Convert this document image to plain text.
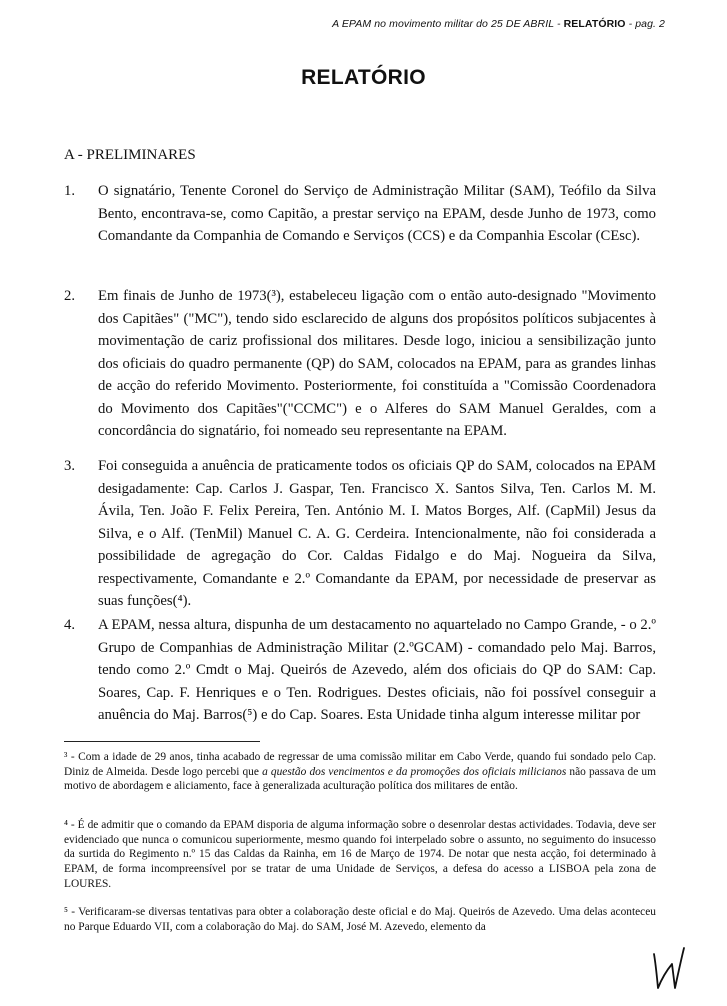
A EPAM no movimento militar do 25 DE ABRIL - RELATÓRIO - pag. 2
RELATÓRIO
A - PRELIMINARES
1.	O signatário, Tenente Coronel do Serviço de Administração Militar (SAM), Teófilo da Silva Bento, encontrava-se, como Capitão, a prestar serviço na EPAM, desde Junho de 1973, como Comandante da Companhia de Comando e Serviços (CCS) e da Companhia Escolar (CEsc).
2.	Em finais de Junho de 1973(³), estabeleceu ligação com o então auto-designado "Movimento dos Capitães" ("MC"), tendo sido esclarecido de alguns dos propósitos políticos subjacentes à movimentação de cariz profissional dos militares. Desde logo, iniciou a sensibilização junto dos oficiais do quadro permanente (QP) do SAM, colocados na EPAM, para as grandes linhas de acção do referido Movimento. Posteriormente, foi constituída a "Comissão Coordenadora do Movimento dos Capitães"("CCMC") e o Alferes do SAM Manuel Geraldes, com a concordância do signatário, foi nomeado seu representante na EPAM.
3.	Foi conseguida a anuência de praticamente todos os oficiais QP do SAM, colocados na EPAM desigadamente: Cap. Carlos J. Gaspar, Ten. Francisco X. Santos Silva, Ten. Carlos M. M. Ávila, Ten. João F. Felix Pereira, Ten. António M. I. Matos Borges, Alf. (CapMil) Jesus da Silva, e o Alf. (TenMil) Manuel C. A. G. Cerdeira. Intencionalmente, não foi considerada a possibilidade de agregação do Cor. Caldas Fidalgo e do Maj. Nogueira da Silva, respectivamente, Comandante e 2.º Comandante da EPAM, por necessidade de preservar as suas funções(⁴).
4.	A EPAM, nessa altura, dispunha de um destacamento no aquartelado no Campo Grande, - o 2.º Grupo de Companhias de Administração Militar (2.ºGCAM) - comandado pelo Maj. Barros, tendo como 2.º Cmdt o Maj. Queirós de Azevedo, além dos oficiais do QP do SAM: Cap. Soares, Cap. F. Henriques e o Ten. Rodrigues. Destes oficiais, não foi possível conseguir a anuência do Maj. Barros(⁵) e do Cap. Soares. Esta Unidade tinha algum interesse militar por
³ - Com a idade de 29 anos, tinha acabado de regressar de uma comissão militar em Cabo Verde, quando fui sondado pelo Cap. Diniz de Almeida. Desde logo percebi que a questão dos vencimentos e da promoções dos oficiais milicianos não passava de um motivo de abordagem e aliciamento, face à generalizada aculturação política dos militares de então.
⁴ - É de admitir que o comando da EPAM disporia de alguma informação sobre o desenrolar destas actividades. Todavia, deve ser evidenciado que nunca o comunicou superiormente, mesmo quando foi interpelado sobre o assunto, no seguimento do insucesso da surtida do Regimento n.º 15 das Caldas da Rainha, em 16 de Março de 1974. De notar que nesta acção, foi determinado à EPAM, de forma incompreensível por se tratar de uma Unidade de Serviços, a defesa do acesso a LISBOA pela zona de LOURES.
⁵ - Verificaram-se diversas tentativas para obter a colaboração deste oficial e do Maj. Queirós de Azevedo. Uma delas aconteceu no Parque Eduardo VII, com a colaboração do Maj. do SAM, José M. Azevedo, elemento da
